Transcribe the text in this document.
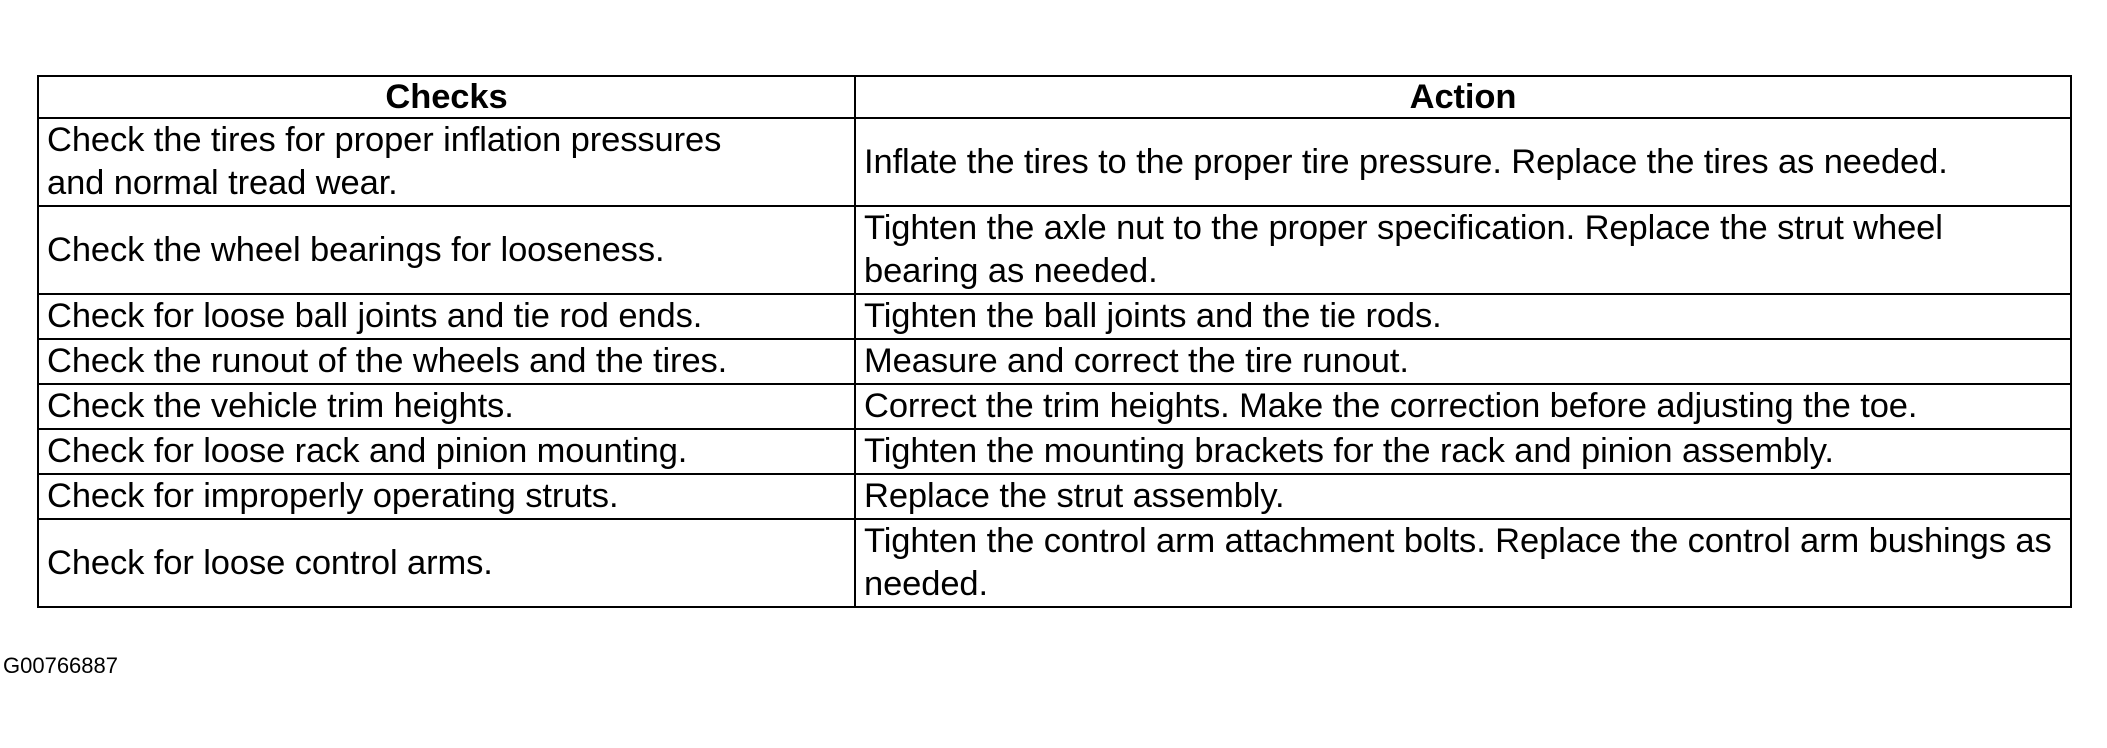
Checks	Action
Check the tires for proper inflation pressures
and normal tread wear.	Inflate the tires to the proper tire pressure. Replace the tires as needed.
Check the wheel bearings for looseness.	Tighten the axle nut to the proper specification. Replace the strut wheel bearing as needed.
Check for loose ball joints and tie rod ends.	Tighten the ball joints and the tie rods.
Check the runout of the wheels and the tires.	Measure and correct the tire runout.
Check the vehicle trim heights.	Correct the trim heights. Make the correction before adjusting the toe.
Check for loose rack and pinion mounting.	Tighten the mounting brackets for the rack and pinion assembly.
Check for improperly operating struts.	Replace the strut assembly.
Check for loose control arms.	Tighten the control arm attachment bolts. Replace the control arm bushings as needed.
G00766887
